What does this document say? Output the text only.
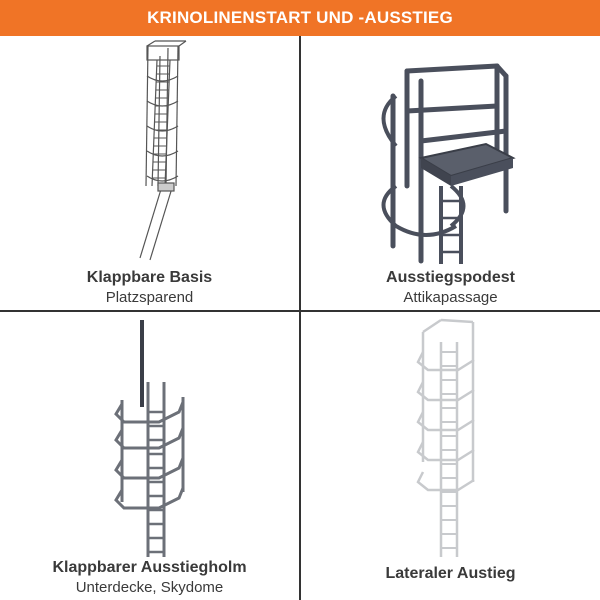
KRINOLINENSTART UND -AUSSTIEG
Klappbare Basis
Platzsparend
Ausstiegspodest
Attikapassage
Klappbarer Ausstiegholm
Unterdecke, Skydome
Lateraler Austieg
